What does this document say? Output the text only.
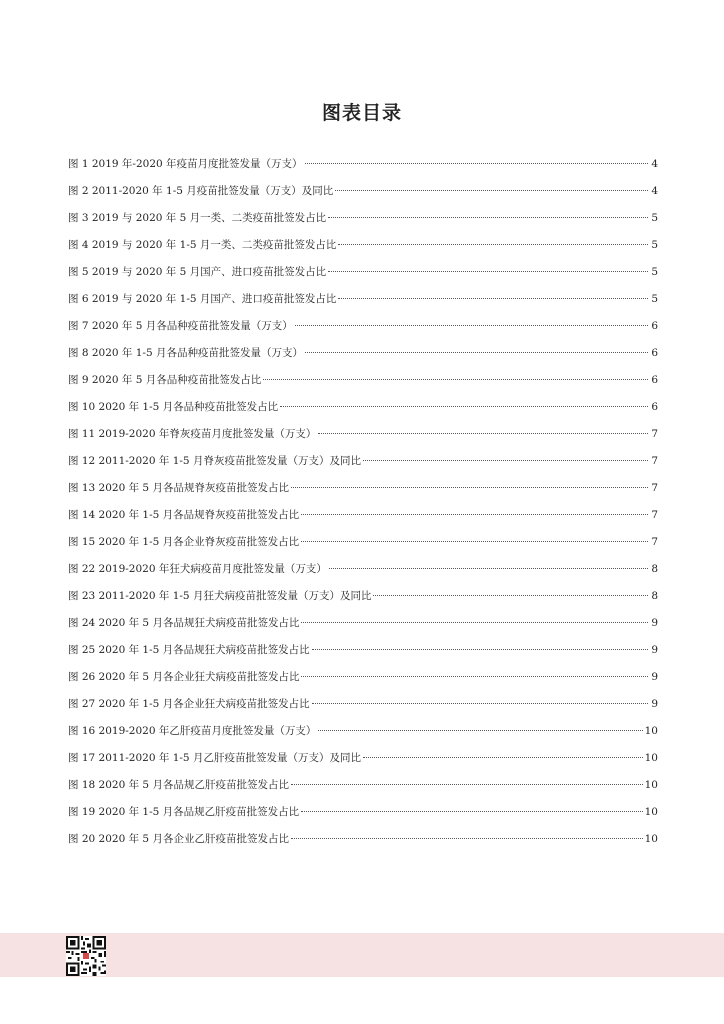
图表目录
图 1 2019 年-2020 年疫苗月度批签发量（万支）	4
图 2 2011-2020 年 1-5 月疫苗批签发量（万支）及同比	4
图 3 2019 与 2020 年 5 月一类、二类疫苗批签发占比	5
图 4 2019 与 2020 年 1-5 月一类、二类疫苗批签发占比	5
图 5 2019 与 2020 年 5 月国产、进口疫苗批签发占比	5
图 6 2019 与 2020 年 1-5 月国产、进口疫苗批签发占比	5
图 7 2020 年 5 月各品种疫苗批签发量（万支）	6
图 8 2020 年 1-5 月各品种疫苗批签发量（万支）	6
图 9 2020 年 5 月各品种疫苗批签发占比	6
图 10 2020 年 1-5 月各品种疫苗批签发占比	6
图 11 2019-2020 年脊灰疫苗月度批签发量（万支）	7
图 12 2011-2020 年 1-5 月脊灰疫苗批签发量（万支）及同比	7
图 13 2020 年 5 月各品规脊灰疫苗批签发占比	7
图 14 2020 年 1-5 月各品规脊灰疫苗批签发占比	7
图 15 2020 年 1-5 月各企业脊灰疫苗批签发占比	7
图 22 2019-2020 年狂犬病疫苗月度批签发量（万支）	8
图 23 2011-2020 年 1-5 月狂犬病疫苗批签发量（万支）及同比	8
图 24 2020 年 5 月各品规狂犬病疫苗批签发占比	9
图 25 2020 年 1-5 月各品规狂犬病疫苗批签发占比	9
图 26 2020 年 5 月各企业狂犬病疫苗批签发占比	9
图 27 2020 年 1-5 月各企业狂犬病疫苗批签发占比	9
图 16 2019-2020 年乙肝疫苗月度批签发量（万支）	10
图 17 2011-2020 年 1-5 月乙肝疫苗批签发量（万支）及同比	10
图 18 2020 年 5 月各品规乙肝疫苗批签发占比	10
图 19 2020 年 1-5 月各品规乙肝疫苗批签发占比	10
图 20 2020 年 5 月各企业乙肝疫苗批签发占比	10
